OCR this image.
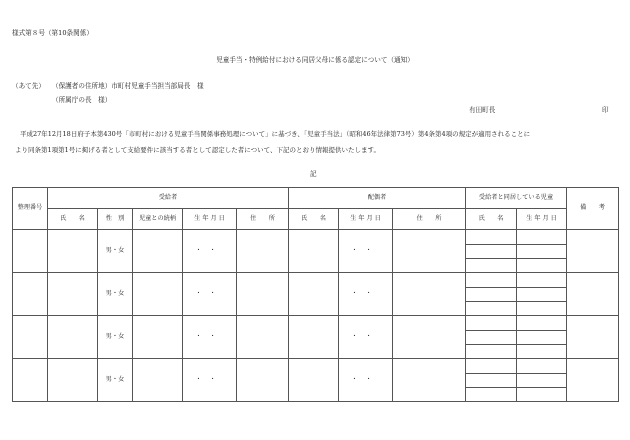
様式第８号（第10条関係）
児童手当・特例給付における同居父母に係る認定について（通知）
（あて先） （保護者の住所地）市町村児童手当担当部局長　様
（所属庁の長　様）
有田町長	印
平成27年12月18日府子本第430号「市町村における児童手当関係事務処理について」に基づき、「児童手当法」（昭和46年法律第73号）第4条第4項の規定が適用されることに
より同条第1項第1号に掲げる者として支給要件に該当する者として認定した者について、下記のとおり情報提供いたします。
記
整理番号	受給者					配偶者			受給者と同居している児童		備　　考
	氏　　名	性　別	児童との続柄	生 年 月 日	住　　所	氏　　名	生 年 月 日	住　　所	氏　　名	生 年 月 日	
		男・女		・・			・・				

		男・女		・・			・・				

		男・女		・・			・・				

		男・女		・・			・・				
